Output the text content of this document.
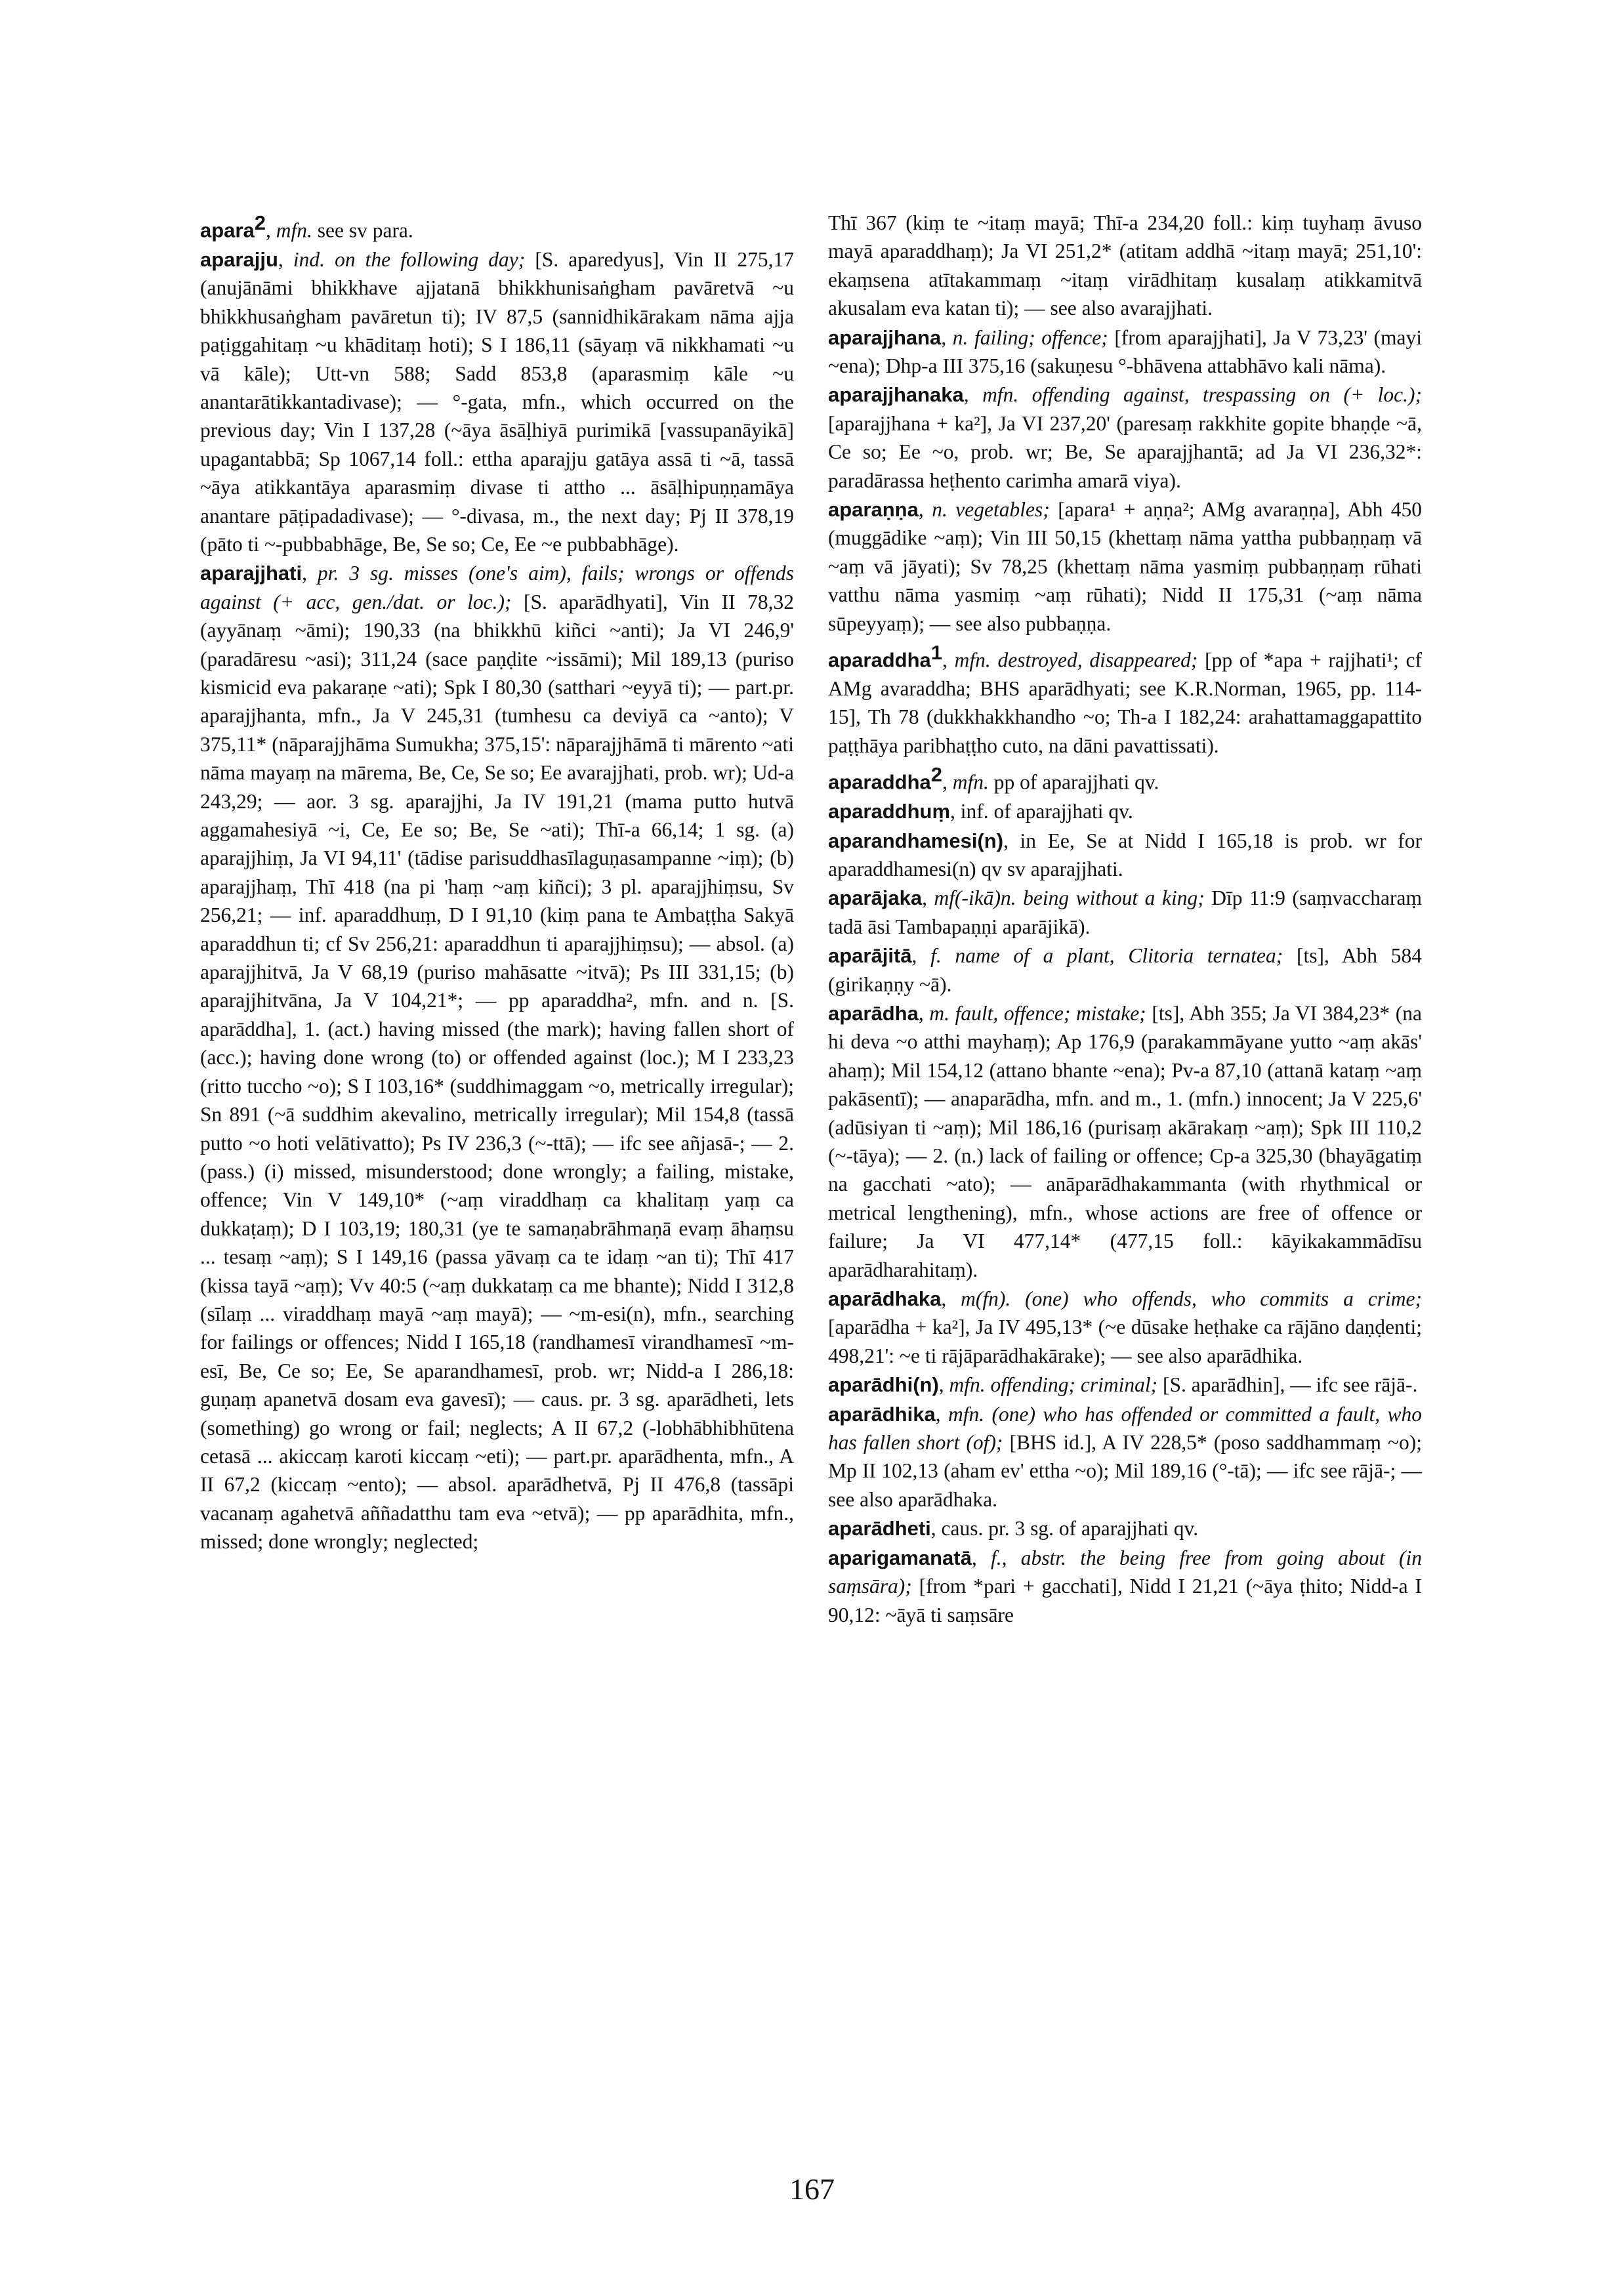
apara$^2$, mfn. see sv para.

aparajju, ind. on the following day; [S. aparedyus], Vin II 275,17 (anujānāmi bhikkhave ajjatanā bhikkhunisaṅgham pavāretvā ~u bhikkhusaṅgham pavāretun ti); IV 87,5 (sannidhikārakam nāma ajja paṭiggahitaṃ ~u khāditaṃ hoti); S I 186,11 (sāyaṃ vā nikkhamati ~u vā kāle); Utt-vn 588; Sadd 853,8 (aparasmiṃ kāle ~u anantarātikkantadivase); — °-gata, mfn., which occurred on the previous day; Vin I 137,28 (~āya āsāḷhiyā purimikā [vassupanāyikā] upagantabbā; Sp 1067,14 foll.: ettha aparajju gatāya assā ti ~ā, tassā ~āya atikkantāya aparasmiṃ divase ti attho ... āsāḷhipuṇṇamāya anantare pāṭipadadivase); — °-divasa, m., the next day; Pj II 378,19 (pāto ti ~-pubbabhāge, Be, Se so; Ce, Ee ~e pubbabhāge).

aparajjhati, pr. 3 sg. misses (one's aim), fails; wrongs or offends against (+ acc, gen./dat. or loc.); [S. aparādhyati], Vin II 78,32 (ayyānaṃ ~āmi); 190,33 (na bhikkhū kiñci ~anti); Ja VI 246,9' (paradāresu ~asi); 311,24 (sace paṇḍite ~issāmi); Mil 189,13 (puriso kismicid eva pakaraṇe ~ati); Spk I 80,30 (satthari ~eyyā ti); — part.pr. aparajjhanta, mfn., Ja V 245,31 (tumhesu ca deviyā ca ~anto); V 375,11* (nāparajjhāma Sumukha; 375,15': nāparajjhāmā ti mārento ~ati nāma mayaṃ na mārema, Be, Ce, Se so; Ee avarajjhati, prob. wr); Ud-a 243,29; — aor. 3 sg. aparajjhi, Ja IV 191,21 (mama putto hutvā aggamahesiyā ~i, Ce, Ee so; Be, Se ~ati); Thī-a 66,14; 1 sg. (a) aparajjhiṃ, Ja VI 94,11' (tādise parisuddhasīlaguṇasampanne ~iṃ); (b) aparajjhaṃ, Thī 418 (na pi 'haṃ ~aṃ kiñci); 3 pl. aparajjhiṃsu, Sv 256,21; — inf. aparaddhuṃ, D I 91,10 (kiṃ pana te Ambaṭṭha Sakyā aparaddhun ti; cf Sv 256,21: aparaddhun ti aparajjhiṃsu); — absol. (a) aparajjhitvā, Ja V 68,19 (puriso mahāsatte ~itvā); Ps III 331,15; (b) aparajjhitvāna, Ja V 104,21*; — pp aparaddha², mfn. and n. [S. aparāddha], 1. (act.) having missed (the mark); having fallen short of (acc.); having done wrong (to) or offended against (loc.); M I 233,23 (ritto tuccho ~o); S I 103,16* (suddhimaggam ~o, metrically irregular); Sn 891 (~ā suddhim akevalino, metrically irregular); Mil 154,8 (tassā putto ~o hoti velātivatto); Ps IV 236,3 (~-ttā); — ifc see añjasā-; — 2. (pass.) (i) missed, misunderstood; done wrongly; a failing, mistake, offence; Vin V 149,10* (~aṃ viraddhaṃ ca khalitaṃ yaṃ ca dukkaṭaṃ); D I 103,19; 180,31 (ye te samaṇabrāhmaṇā evaṃ āhaṃsu ... tesaṃ ~aṃ); S I 149,16 (passa yāvaṃ ca te idaṃ ~an ti); Thī 417 (kissa tayā ~aṃ); Vv 40:5 (~aṃ dukkataṃ ca me bhante); Nidd I 312,8 (sīlaṃ ... viraddhaṃ mayā ~aṃ mayā); — ~m-esi(n), mfn., searching for failings or offences; Nidd I 165,18 (randhamesī virandhamesī ~m-esī, Be, Ce so; Ee, Se aparandhamesī, prob. wr; Nidd-a I 286,18: guṇaṃ apanetvā dosam eva gavesī); — caus. pr. 3 sg. aparādheti, lets (something) go wrong or fail; neglects; A II 67,2 (-lobhābhibhūtena cetasā ... akiccaṃ karoti kiccaṃ ~eti); — part.pr. aparādhenta, mfn., A II 67,2 (kiccaṃ ~ento); — absol. aparādhetvā, Pj II 476,8 (tassāpi vacanaṃ agahetvā aññadatthu tam eva ~etvā); — pp aparādhita, mfn., missed; done wrongly; neglected;

Thī 367 (kiṃ te ~itaṃ mayā; Thī-a 234,20 foll.: kiṃ tuyhaṃ āvuso mayā aparaddhaṃ); Ja VI 251,2* (atitam addhā ~itaṃ mayā; 251,10': ekaṃsena atītakammaṃ ~itaṃ virādhitaṃ kusalaṃ atikkamitvā akusalam eva katan ti); — see also avarajjhati.

aparajjhana, n. failing; offence; [from aparajjhati], Ja V 73,23' (mayi ~ena); Dhp-a III 375,16 (sakuṇesu °-bhāvena attabhāvo kali nāma).

aparajjhanaka, mfn. offending against, trespassing on (+ loc.); [aparajjhana + ka²], Ja VI 237,20' (paresaṃ rakkhite gopite bhaṇḍe ~ā, Ce so; Ee ~o, prob. wr; Be, Se aparajjhantā; ad Ja VI 236,32*: paradārassa heṭhento carimha amarā viya).

aparaṇṇa, n. vegetables; [apara¹ + aṇṇa²; AMg avaraṇṇa], Abh 450 (muggādike ~aṃ); Vin III 50,15 (khettaṃ nāma yattha pubbaṇṇaṃ vā ~aṃ vā jāyati); Sv 78,25 (khettaṃ nāma yasmiṃ pubbaṇṇaṃ rūhati vatthu nāma yasmiṃ ~aṃ rūhati); Nidd II 175,31 (~aṃ nāma sūpeyyaṃ); — see also pubbaṇṇa.

aparaddha$^1$, mfn. destroyed, disappeared; [pp of *apa + rajjhati¹; cf AMg avaraddha; BHS aparādhyati; see K.R.Norman, 1965, pp. 114-15], Th 78 (dukkhakkhandho ~o; Th-a I 182,24: arahattamaggapattito paṭṭhāya paribhaṭṭho cuto, na dāni pavattissati).

aparaddha$^2$, mfn. pp of aparajjhati qv.

aparaddhuṃ, inf. of aparajjhati qv.

aparandhamesi(n), in Ee, Se at Nidd I 165,18 is prob. wr for aparaddhamesi(n) qv sv aparajjhati.

aparājaka, mf(-ikā)n. being without a king; Dīp 11:9 (saṃvaccharaṃ tadā āsi Tambapaṇṇi aparājikā).

aparājitā, f. name of a plant, Clitoria ternatea; [ts], Abh 584 (girikaṇṇy ~ā).

aparādha, m. fault, offence; mistake; [ts], Abh 355; Ja VI 384,23* (na hi deva ~o atthi mayhaṃ); Ap 176,9 (parakammāyane yutto ~aṃ akās' ahaṃ); Mil 154,12 (attano bhante ~ena); Pv-a 87,10 (attanā kataṃ ~aṃ pakāsentī); — anaparādha, mfn. and m., 1. (mfn.) innocent; Ja V 225,6' (adūsiyan ti ~aṃ); Mil 186,16 (purisaṃ akārakaṃ ~aṃ); Spk III 110,2 (~-tāya); — 2. (n.) lack of failing or offence; Cp-a 325,30 (bhayāgatiṃ na gacchati ~ato); — anāparādhakammanta (with rhythmical or metrical lengthening), mfn., whose actions are free of offence or failure; Ja VI 477,14* (477,15 foll.: kāyikakammādīsu aparādharahitaṃ).

aparādhaka, m(fn). (one) who offends, who commits a crime; [aparādha + ka²], Ja IV 495,13* (~e dūsake heṭhake ca rājāno daṇḍenti; 498,21': ~e ti rājāparādhakārake); — see also aparādhika.

aparādhi(n), mfn. offending; criminal; [S. aparādhin], — ifc see rājā-.

aparādhika, mfn. (one) who has offended or committed a fault, who has fallen short (of); [BHS id.], A IV 228,5* (poso saddhammaṃ ~o); Mp II 102,13 (aham ev' ettha ~o); Mil 189,16 (°-tā); — ifc see rājā-; — see also aparādhaka.

aparādheti, caus. pr. 3 sg. of aparajjhati qv.

aparigamanatā, f., abstr. the being free from going about (in saṃsāra); [from *pari + gacchati], Nidd I 21,21 (~āya ṭhito; Nidd-a I 90,12: ~āyā ti saṃsāre

167
